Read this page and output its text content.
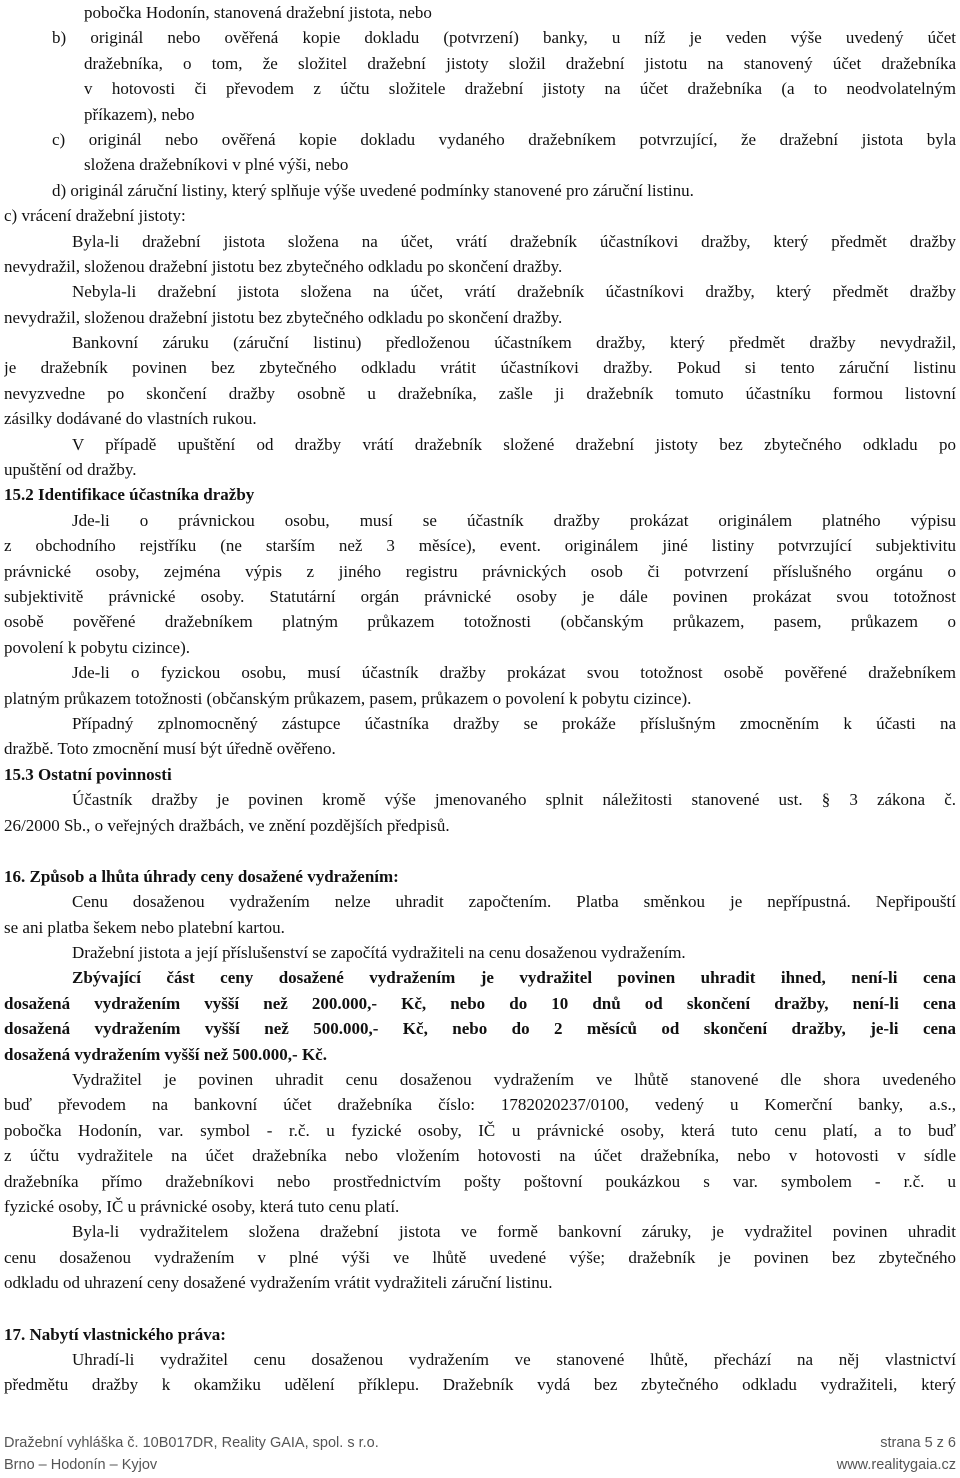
pobočka Hodonín, stanovená dražební jistota, nebo
b) originál nebo ověřená kopie dokladu (potvrzení) banky, u níž je veden výše uvedený účet
dražebníka, o tom, že složitel dražební jistoty složil dražební jistotu na stanovený účet dražebníka
v hotovosti či převodem z účtu složitele dražební jistoty na účet dražebníka (a to neodvolatelným
příkazem), nebo
c) originál nebo ověřená kopie dokladu vydaného dražebníkem potvrzující, že dražební jistota byla
složena dražebníkovi v plné výši, nebo
d) originál záruční listiny, který splňuje výše uvedené podmínky stanovené pro záruční listinu.
c) vrácení dražební jistoty:
Byla-li dražební jistota složena na účet, vrátí dražebník účastníkovi dražby, který předmět dražby
nevydražil, složenou dražební jistotu bez zbytečného odkladu po skončení dražby.
Nebyla-li dražební jistota složena na účet, vrátí dražebník účastníkovi dražby, který předmět dražby
nevydražil, složenou dražební jistotu bez zbytečného odkladu po skončení dražby.
Bankovní záruku (záruční listinu) předloženou účastníkem dražby, který předmět dražby nevydražil,
je dražebník povinen bez zbytečného odkladu vrátit účastníkovi dražby. Pokud si tento záruční listinu
nevyzvedne po skončení dražby osobně u dražebníka, zašle ji dražebník tomuto účastníku formou listovní
zásilky dodávané do vlastních rukou.
V případě upuštění od dražby vrátí dražebník složené dražební jistoty bez zbytečného odkladu po
upuštění od dražby.
15.2 Identifikace účastníka dražby
Jde-li o právnickou osobu, musí se účastník dražby prokázat originálem platného výpisu
z obchodního rejstříku (ne starším než 3 měsíce), event. originálem jiné listiny potvrzující subjektivitu
právnické osoby, zejména výpis z jiného registru právnických osob či potvrzení příslušného orgánu o
subjektivitě právnické osoby. Statutární orgán právnické osoby je dále povinen prokázat svou totožnost
osobě pověřené dražebníkem platným průkazem totožnosti (občanským průkazem, pasem, průkazem o
povolení k pobytu cizince).
Jde-li o fyzickou osobu, musí účastník dražby prokázat svou totožnost osobě pověřené dražebníkem
platným průkazem totožnosti (občanským průkazem, pasem, průkazem o povolení k pobytu cizince).
Případný zplnomocněný zástupce účastníka dražby se prokáže příslušným zmocněním k účasti na
dražbě. Toto zmocnění musí být úředně ověřeno.
15.3 Ostatní povinnosti
Účastník dražby je povinen kromě výše jmenovaného splnit náležitosti stanovené ust. § 3 zákona č.
26/2000 Sb., o veřejných dražbách, ve znění pozdějších předpisů.
16. Způsob a lhůta úhrady ceny dosažené vydražením:
Cenu dosaženou vydražením nelze uhradit započtením. Platba směnkou je nepřípustná. Nepřipouští
se ani platba šekem nebo platební kartou.
Dražební jistota a její příslušenství se započítá vydražiteli na cenu dosaženou vydražením.
Zbývající část ceny dosažené vydražením je vydražitel povinen uhradit ihned, není-li cena
dosažená vydražením vyšší než 200.000,- Kč, nebo do 10 dnů od skončení dražby, není-li cena
dosažená vydražením vyšší než 500.000,- Kč, nebo do 2 měsíců od skončení dražby, je-li cena
dosažená vydražením vyšší než 500.000,- Kč.
Vydražitel je povinen uhradit cenu dosaženou vydražením ve lhůtě stanovené dle shora uvedeného
buď převodem na bankovní účet dražebníka číslo: 1782020237/0100, vedený u Komerční banky, a.s.,
pobočka Hodonín, var. symbol - r.č. u fyzické osoby, IČ u právnické osoby, která tuto cenu platí, a to buď
z účtu vydražitele na účet dražebníka nebo vložením hotovosti na účet dražebníka, nebo v hotovosti v sídle
dražebníka přímo dražebníkovi nebo prostřednictvím pošty poštovní poukázkou s var. symbolem - r.č. u
fyzické osoby, IČ u právnické osoby, která tuto cenu platí.
Byla-li vydražitelem složena dražební jistota ve formě bankovní záruky, je vydražitel povinen uhradit
cenu dosaženou vydražením v plné výši ve lhůtě uvedené výše; dražebník je povinen bez zbytečného
odkladu od uhrazení ceny dosažené vydražením vrátit vydražiteli záruční listinu.
17. Nabytí vlastnického práva:
Uhradí-li vydražitel cenu dosaženou vydražením ve stanovené lhůtě, přechází na něj vlastnictví
předmětu dražby k okamžiku udělení příklepu. Dražebník vydá bez zbytečného odkladu vydražiteli, který
Dražební vyhláška č. 10B017DR, Reality GAIA, spol. s r.o.	strana 5 z 6
Brno – Hodonín – Kyjov	www.realitygaia.cz
